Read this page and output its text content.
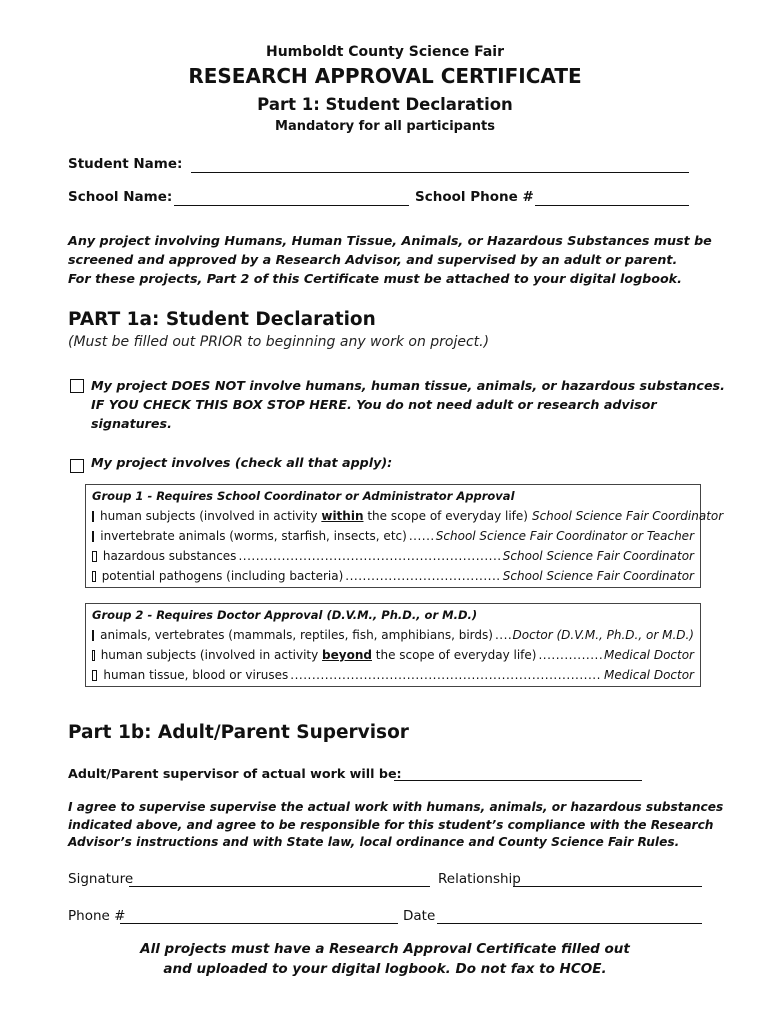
Humboldt County Science Fair
RESEARCH APPROVAL CERTIFICATE
Part 1: Student Declaration
Mandatory for all participants
Student Name:
School Name:	School Phone #
Any project involving Humans, Human Tissue, Animals, or Hazardous Substances must be
screened and approved by a Research Advisor, and supervised by an adult or parent.
For these projects, Part 2 of this Certificate must be attached to your digital logbook.
PART 1a: Student Declaration
(Must be filled out PRIOR to beginning any work on project.)
My project DOES NOT involve humans, human tissue, animals, or hazardous substances.
IF YOU CHECK THIS BOX STOP HERE. You do not need adult or research advisor
signatures.
My project involves (check all that apply):
Group 1 - Requires School Coordinator or Administrator Approval
human subjects (involved in activity within the scope of everyday life) School Science Fair Coordinator
invertebrate animals (worms, starfish, insects, etc) ..... School Science Fair Coordinator or Teacher
hazardous substances .....	School Science Fair Coordinator
potential pathogens (including bacteria) .....	School Science Fair Coordinator
Group 2 - Requires Doctor Approval (D.V.M., Ph.D., or M.D.)
animals, vertebrates (mammals, reptiles, fish, amphibians, birds) ..... Doctor (D.V.M., Ph.D., or M.D.)
human subjects (involved in activity beyond the scope of everyday life) .....	Medical Doctor
human tissue, blood or viruses .....	Medical Doctor
Part 1b: Adult/Parent Supervisor
Adult/Parent supervisor of actual work will be:
I agree to supervise supervise the actual work with humans, animals, or hazardous substances
indicated above, and agree to be responsible for this student’s compliance with the Research
Advisor’s instructions and with State law, local ordinance and County Science Fair Rules.
Signature	Relationship
Phone #	Date
All projects must have a Research Approval Certificate filled out
and uploaded to your digital logbook. Do not fax to HCOE.
